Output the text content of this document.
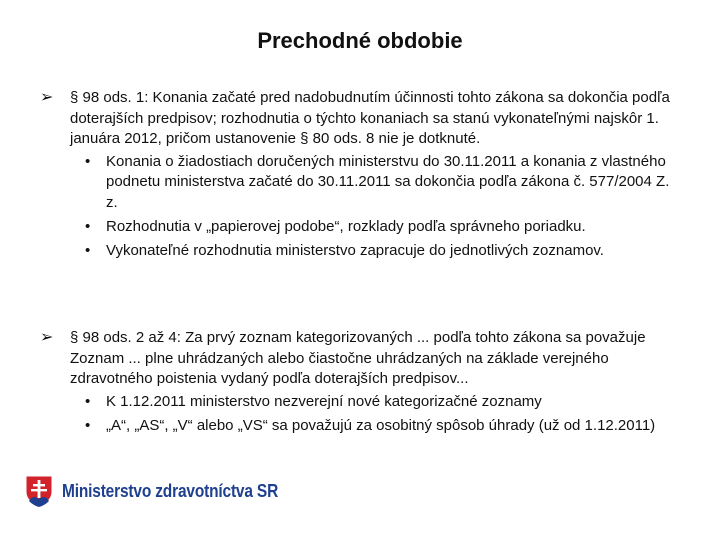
Prechodné obdobie
➢ § 98 ods. 1: Konania začaté pred nadobudnutím účinnosti tohto zákona sa dokončia podľa doterajších predpisov; rozhodnutia o týchto konaniach sa stanú vykonateľnými najskôr 1. januára 2012, pričom ustanovenie § 80 ods. 8 nie je dotknuté.
• Konania o žiadostiach doručených ministerstvu do 30.11.2011 a konania z vlastného podnetu ministerstva začaté do 30.11.2011 sa dokončia podľa zákona č. 577/2004 Z. z.
• Rozhodnutia v „papierovej podobe“, rozklady podľa správneho poriadku.
• Vykonateľné rozhodnutia ministerstvo zapracuje do jednotlivých zoznamov.
➢ § 98 ods. 2 až 4: Za prvý zoznam kategorizovaných ... podľa tohto zákona sa považuje Zoznam ... plne uhrádzaných alebo čiastočne uhrádzaných na základe verejného zdravotného poistenia vydaný podľa doterajších predpisov...
• K 1.12.2011 ministerstvo nezverejní nové kategorizačné zoznamy
• „A“, „AS“, „V“ alebo „VS“ sa považujú za osobitný spôsob úhrady (už od 1.12.2011)
Ministerstvo zdravotníctva SR
